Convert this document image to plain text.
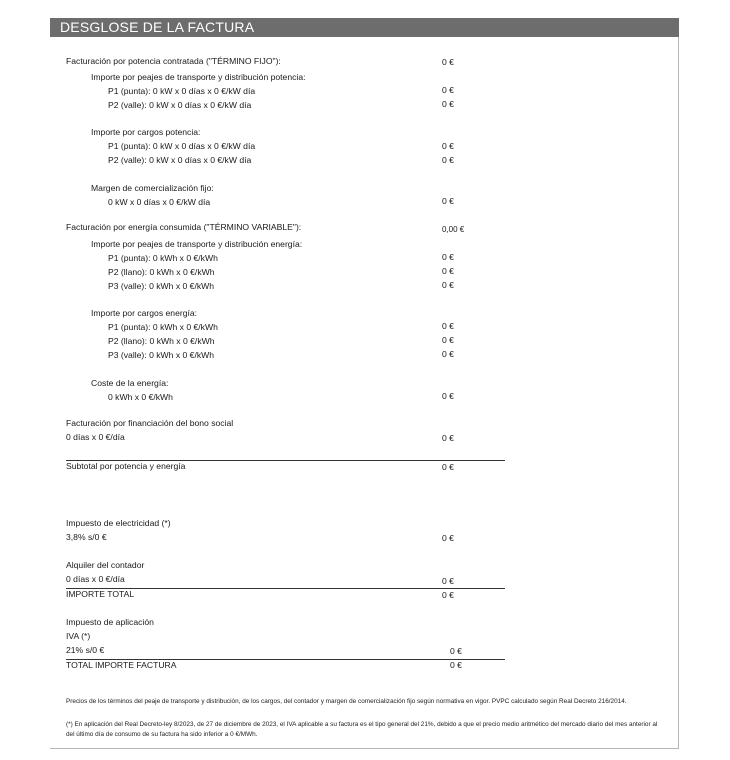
DESGLOSE DE LA FACTURA
Facturación por potencia contratada ("TÉRMINO FIJO"):	0 €
Importe por peajes de transporte y distribución potencia:
P1 (punta): 0 kW x 0 días x 0 €/kW día	0 €
P2 (valle): 0 kW x 0 días x 0 €/kW día	0 €
Importe por cargos potencia:
P1 (punta): 0 kW x 0 días x 0 €/kW día	0 €
P2 (valle): 0 kW x 0 días x 0 €/kW día	0 €
Margen de comercialización fijo:
0 kW x 0 días x 0 €/kW día	0 €
Facturación por energía consumida ("TÉRMINO VARIABLE"):	0,00 €
Importe por peajes de transporte y distribución energía:
P1 (punta): 0 kWh x 0 €/kWh	0 €
P2 (llano): 0 kWh x 0 €/kWh	0 €
P3 (valle): 0 kWh x 0 €/kWh	0 €
Importe por cargos energía:
P1 (punta): 0 kWh x 0 €/kWh	0 €
P2 (llano): 0 kWh x 0 €/kWh	0 €
P3 (valle): 0 kWh x 0 €/kWh	0 €
Coste de la energía:
0 kWh x 0 €/kWh	0 €
Facturación por financiación del bono social
0 días x 0 €/día	0 €
Subtotal por potencia y energía	0 €
Impuesto de electricidad (*)
3,8% s/0 €	0 €
Alquiler del contador
0 días x 0 €/día	0 €
IMPORTE TOTAL	0 €
Impuesto de aplicación
IVA (*)
21% s/0 €	0 €
TOTAL IMPORTE FACTURA	0 €
Precios de los términos del peaje de transporte y distribución, de los cargos, del contador y margen de comercialización fijo según normativa en vigor. PVPC calculado según Real Decreto 216/2014.
(*) En aplicación del Real Decreto-ley 8/2023, de 27 de diciembre de 2023, el IVA aplicable a su factura es el tipo general del 21%, debido a que el precio medio aritmético del mercado diario del mes anterior al del último día de consumo de su factura ha sido inferior a 0 €/MWh.
